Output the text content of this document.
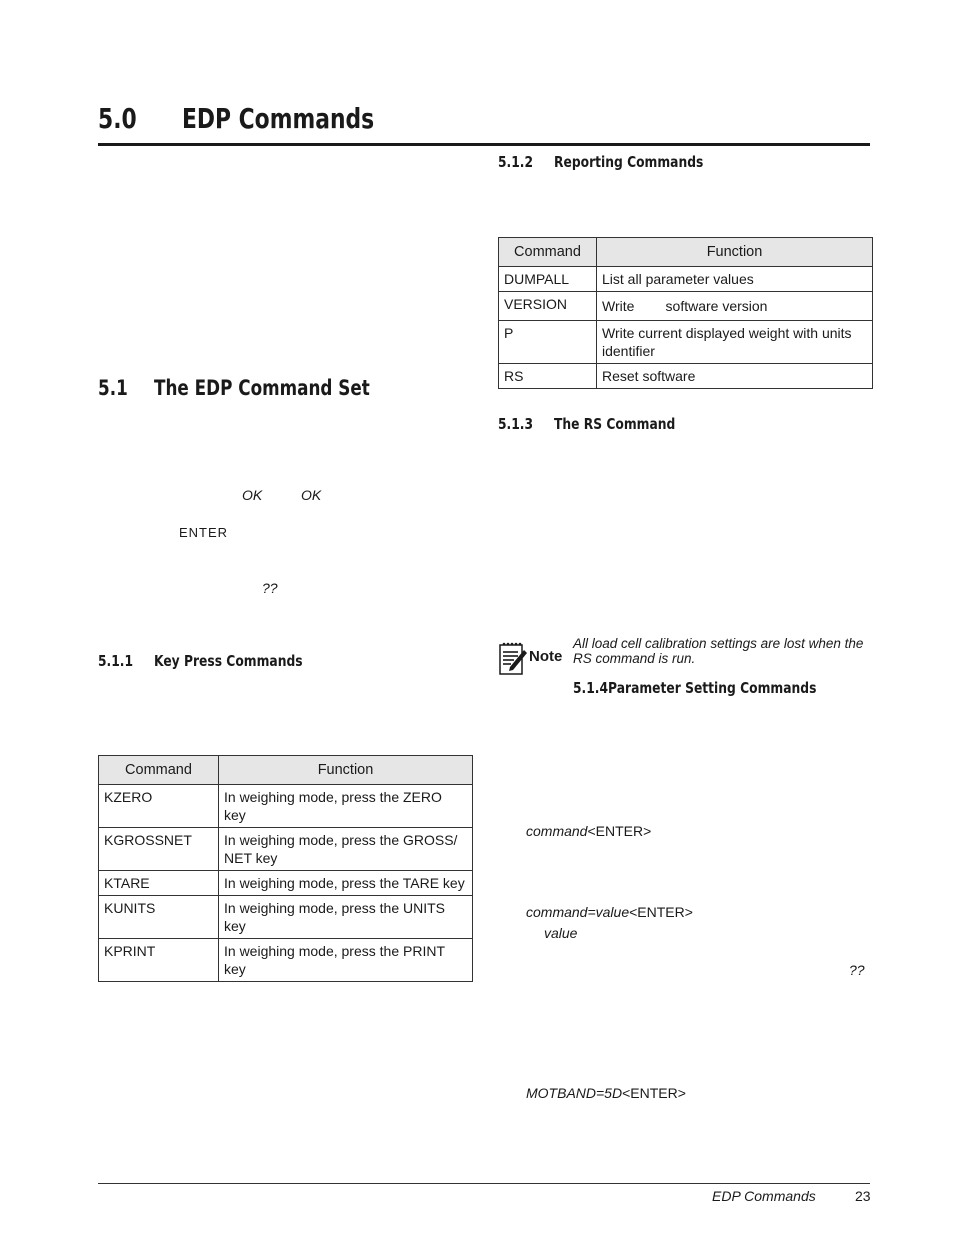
5.0 EDP Commands
5.1 The EDP Command Set
OK	OK
ENTER
??
5.1.1 Key Press Commands
Command	Function
KZERO	In weighing mode, press the ZERO key
KGROSSNET	In weighing mode, press the GROSS/
NET key
KTARE	In weighing mode, press the TARE key
KUNITS	In weighing mode, press the UNITS key
KPRINT	In weighing mode, press the PRINT key
5.1.2 Reporting Commands
Command	Function
DUMPALL	List all parameter values
VERSION	Write        software version
P	Write current displayed weight with units
identifier
RS	Reset software
5.1.3 The RS Command
Note
All load cell calibration settings are lost when the RS command is run.
5.1.4Parameter Setting Commands
command<ENTER>
command=value<ENTER>
value
??
MOTBAND=5D<ENTER>
EDP Commands	23
